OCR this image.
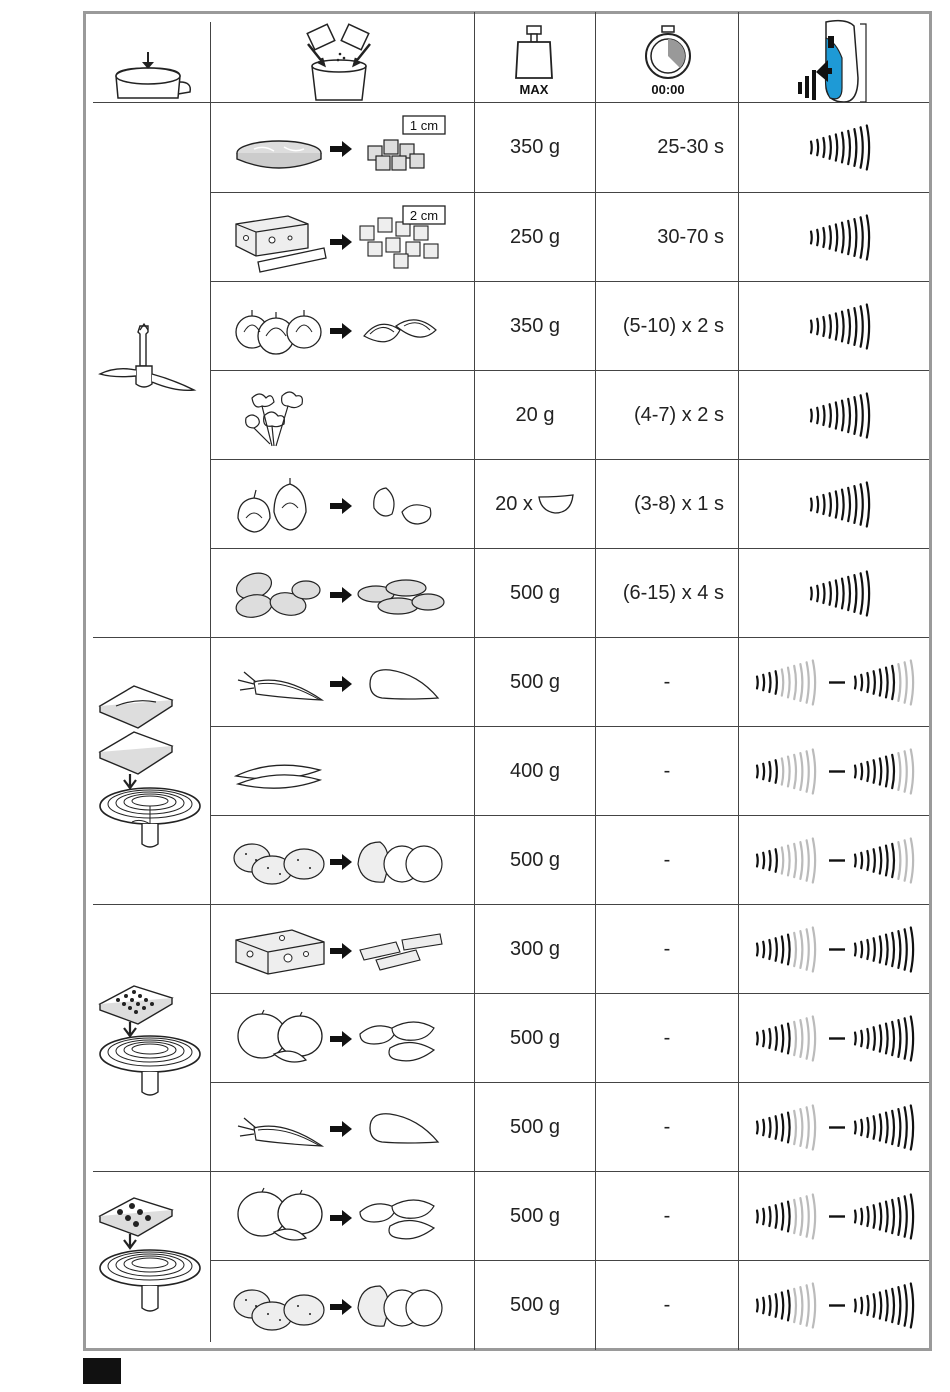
MAX	00:00
1 cm
2 cm
350 g	25-30 s
250 g	30-70 s
350 g	(5-10) x 2 s
20 g	(4-7) x 2 s
20 x	(3-8) x 1 s
500 g	(6-15) x 4 s
500 g	-
400 g	-
500 g	-
300 g	-
500 g	-
500 g	-
500 g	-
500 g	-
